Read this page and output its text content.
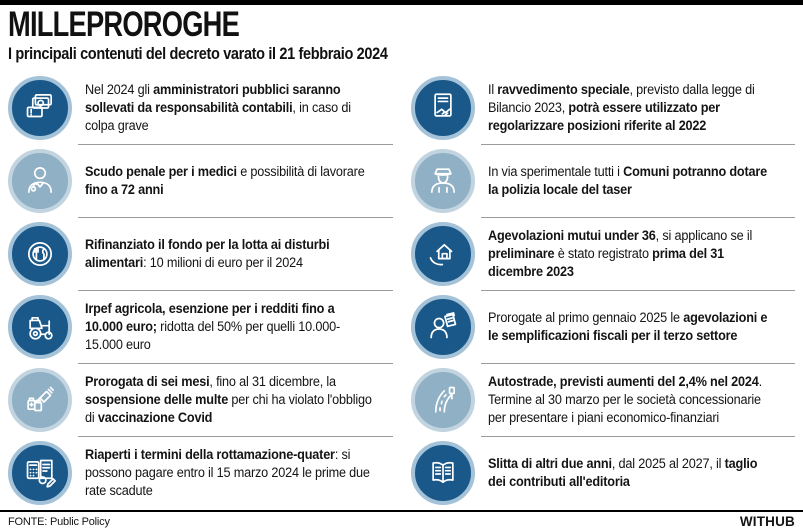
MILLEPROROGHE
I principali contenuti del decreto varato il 21 febbraio 2024
Nel 2024 gli amministratori pubblici saranno sollevati da responsabilità contabili, in caso di colpa grave
Scudo penale per i medici e possibilità di lavorare fino a 72 anni
Rifinanziato il fondo per la lotta ai disturbi alimentari: 10 milioni di euro per il 2024
Irpef agricola, esenzione per i redditi fino a 10.000 euro; ridotta del 50% per quelli 10.000-15.000 euro
Prorogata di sei mesi, fino al 31 dicembre, la sospensione delle multe per chi ha violato l'obbligo di vaccinazione Covid
Riaperti i termini della rottamazione-quater: si possono pagare entro il 15 marzo 2024 le prime due rate scadute
Il ravvedimento speciale, previsto dalla legge di Bilancio 2023, potrà essere utilizzato per regolarizzare posizioni riferite al 2022
In via sperimentale tutti i Comuni potranno dotare la polizia locale del taser
Agevolazioni mutui under 36, si applicano se il preliminare è stato registrato prima del 31 dicembre 2023
Prorogate al primo gennaio 2025 le agevolazioni e le semplificazioni fiscali per il terzo settore
Autostrade, previsti aumenti del 2,4% nel 2024. Termine al 30 marzo per le società concessionarie per presentare i piani economico-finanziari
Slitta di altri due anni, dal 2025 al 2027, il taglio dei contributi all'editoria
FONTE: Public Policy	WITHUB
